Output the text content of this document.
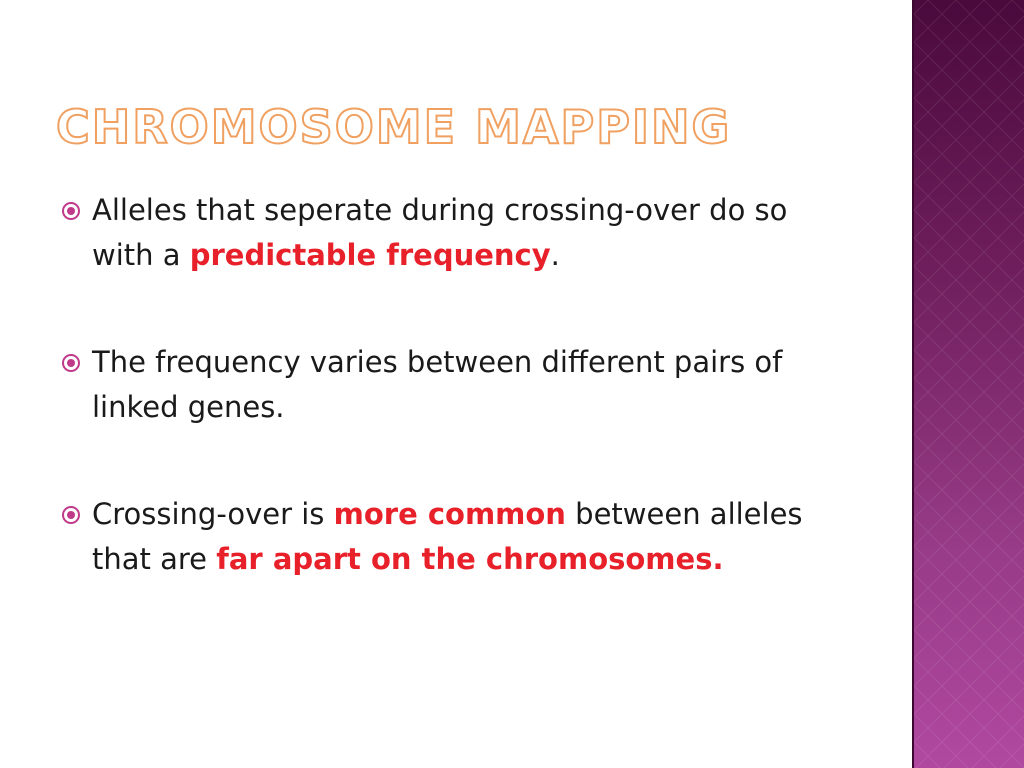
CHROMOSOME MAPPING
Alleles that seperate during crossing-over do so with a predictable frequency.
The frequency varies between different pairs of linked genes.
Crossing-over is more common between alleles that are far apart on the chromosomes.
